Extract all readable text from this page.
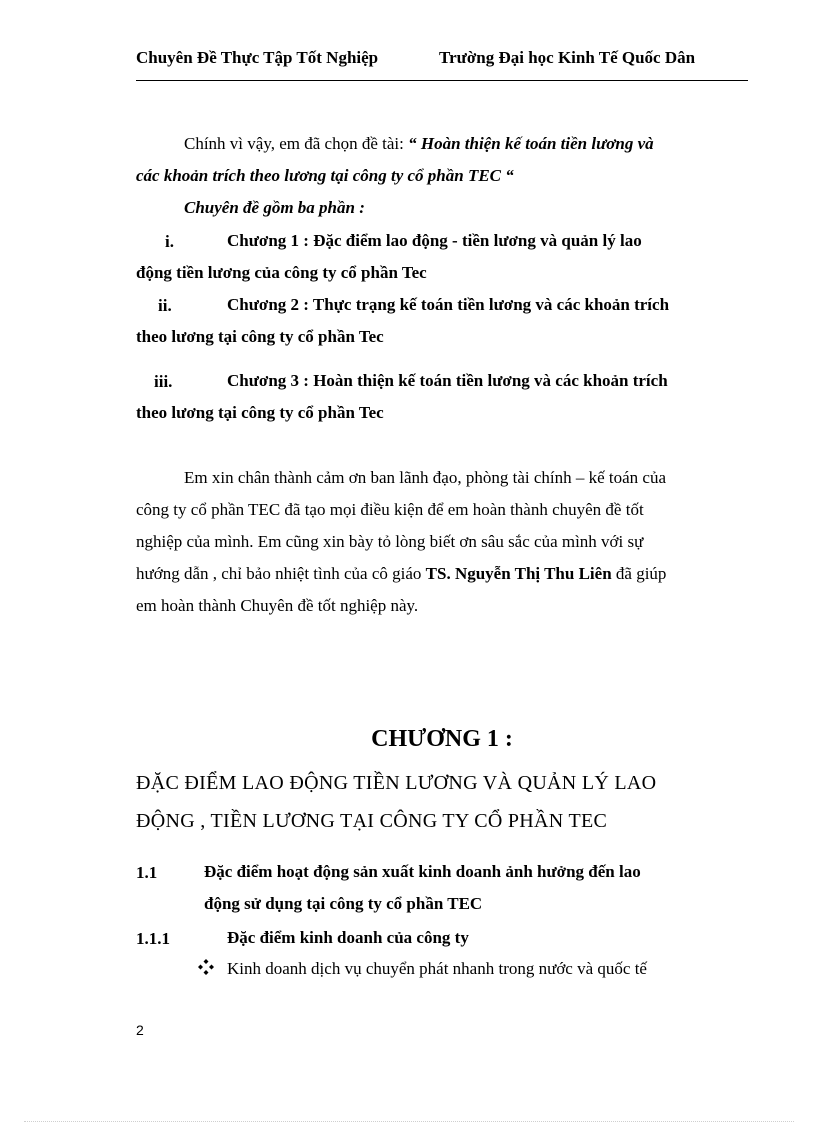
Chuyên Đề Thực Tập Tốt Nghiệp	Trường Đại học Kinh Tế Quốc Dân
Chính vì vậy, em đã chọn đề tài: “ Hoàn thiện kế toán tiền lương và
các khoản trích theo lương tại công ty cổ phần TEC “
Chuyên đề gồm ba phần :
i.	Chương 1 : Đặc điểm lao động - tiền lương và quản lý lao
động tiền lương của công ty cổ phần Tec
ii.	Chương 2 : Thực trạng kế toán tiền lương và các khoản trích
theo lương tại công ty cổ phần Tec
iii.	Chương 3 : Hoàn thiện kế toán tiền lương và các khoản trích
theo lương tại công ty cổ phần Tec
Em xin chân thành cảm ơn ban lãnh đạo, phòng tài chính – kế toán của
công ty cổ phần TEC đã tạo mọi điều kiện để em hoàn thành chuyên đề tốt
nghiệp của mình. Em cũng xin bày tỏ lòng biết ơn sâu sắc của mình với sự
hướng dẫn , chỉ bảo nhiệt tình của cô giáo TS. Nguyễn Thị Thu Liên đã giúp
em hoàn thành Chuyên đề tốt nghiệp này.
CHƯƠNG 1 :
ĐẶC ĐIỂM LAO ĐỘNG TIỀN LƯƠNG VÀ QUẢN LÝ LAO
ĐỘNG , TIỀN LƯƠNG TẠI CÔNG TY CỔ PHẦN TEC
1.1	Đặc điểm hoạt động sản xuất kinh doanh ảnh hưởng đến lao
động sử dụng tại công ty cổ phần TEC
1.1.1	Đặc điểm kinh doanh của công ty
Kinh doanh dịch vụ chuyển phát nhanh trong nước và quốc tế
2
